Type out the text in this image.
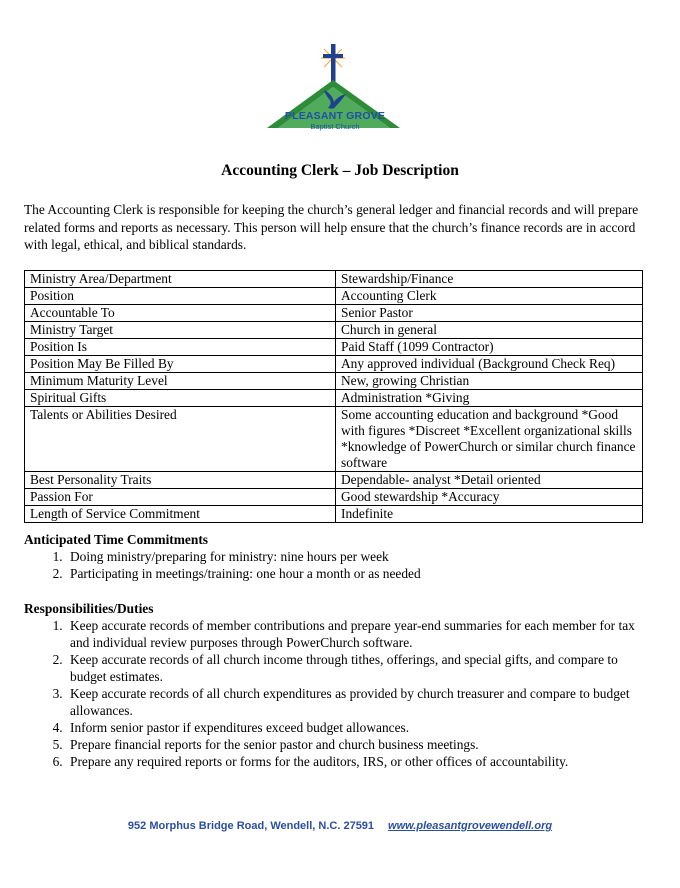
PLEASANT GROVE
Baptist Church
Accounting Clerk – Job Description
The Accounting Clerk is responsible for keeping the church’s general ledger and financial records and will prepare related forms and reports as necessary. This person will help ensure that the church’s finance records are in accord with legal, ethical, and biblical standards.
Ministry Area/Department	Stewardship/Finance
Position	Accounting Clerk
Accountable To	Senior Pastor
Ministry Target	Church in general
Position Is	Paid Staff (1099 Contractor)
Position May Be Filled By	Any approved individual (Background Check Req)
Minimum Maturity Level	New, growing Christian
Spiritual Gifts	Administration *Giving
Talents or Abilities Desired	Some accounting education and background *Good with figures *Discreet *Excellent organizational skills *knowledge of PowerChurch or similar church finance software
Best Personality Traits	Dependable- analyst *Detail oriented
Passion For	Good stewardship *Accuracy
Length of Service Commitment	Indefinite
Anticipated Time Commitments
1. Doing ministry/preparing for ministry: nine hours per week
2. Participating in meetings/training: one hour a month or as needed
Responsibilities/Duties
1. Keep accurate records of member contributions and prepare year-end summaries for each member for tax and individual review purposes through PowerChurch software.
2. Keep accurate records of all church income through tithes, offerings, and special gifts, and compare to budget estimates.
3. Keep accurate records of all church expenditures as provided by church treasurer and compare to budget allowances.
4. Inform senior pastor if expenditures exceed budget allowances.
5. Prepare financial reports for the senior pastor and church business meetings.
6. Prepare any required reports or forms for the auditors, IRS, or other offices of accountability.
952 Morphus Bridge Road, Wendell, N.C. 27591 www.pleasantgrovewendell.org
